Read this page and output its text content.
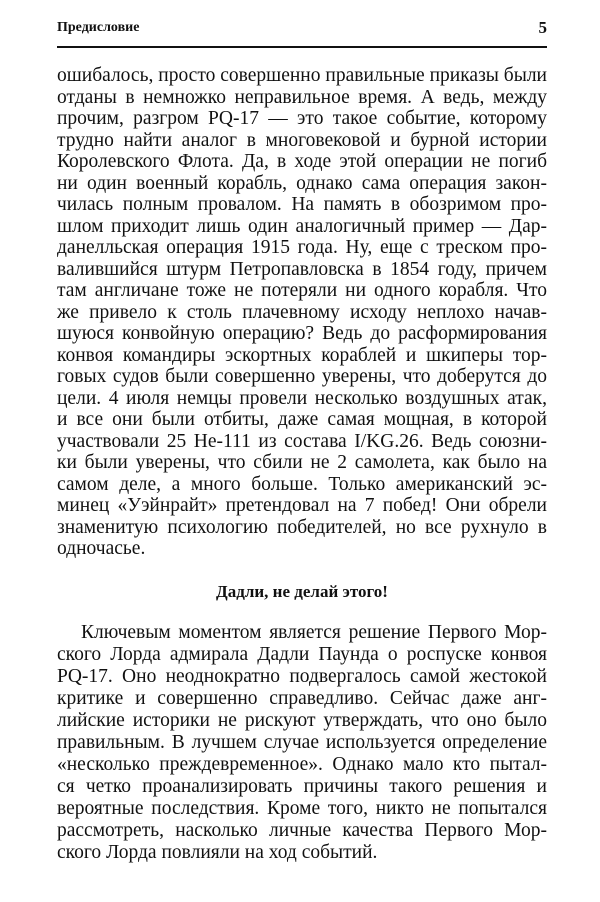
Предисловие	5
ошибалось, просто совершенно правильные приказы были
отданы в немножко неправильное время. А ведь, между
прочим, разгром PQ-17 — это такое событие, которому
трудно найти аналог в многовековой и бурной истории
Королевского Флота. Да, в ходе этой операции не погиб
ни один военный корабль, однако сама операция закон-
чилась полным провалом. На память в обозримом про-
шлом приходит лишь один аналогичный пример — Дар-
данелльская операция 1915 года. Ну, еще с треском про-
валившийся штурм Петропавловска в 1854 году, причем
там англичане тоже не потеряли ни одного корабля. Что
же привело к столь плачевному исходу неплохо начав-
шуюся конвойную операцию? Ведь до расформирования
конвоя командиры эскортных кораблей и шкиперы тор-
говых судов были совершенно уверены, что доберутся до
цели. 4 июля немцы провели несколько воздушных атак,
и все они были отбиты, даже самая мощная, в которой
участвовали 25 Не-111 из состава I/KG.26. Ведь союзни-
ки были уверены, что сбили не 2 самолета, как было на
самом деле, а много больше. Только американский эс-
минец «Уэйнрайт» претендовал на 7 побед! Они обрели
знаменитую психологию победителей, но все рухнуло в
одночасье.
Дадли, не делай этого!
Ключевым моментом является решение Первого Мор-
ского Лорда адмирала Дадли Паунда о роспуске конвоя
PQ-17. Оно неоднократно подвергалось самой жестокой
критике и совершенно справедливо. Сейчас даже анг-
лийские историки не рискуют утверждать, что оно было
правильным. В лучшем случае используется определение
«несколько преждевременное». Однако мало кто пытал-
ся четко проанализировать причины такого решения и
вероятные последствия. Кроме того, никто не попытался
рассмотреть, насколько личные качества Первого Мор-
ского Лорда повлияли на ход событий.
